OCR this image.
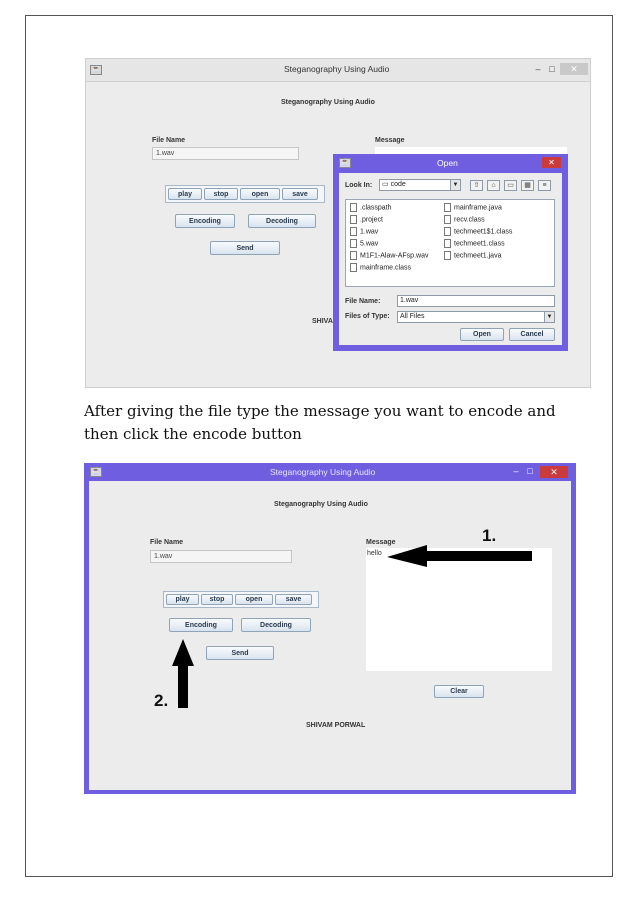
☕	Steganography Using Audio	– □	✕
Steganography Using Audio
File Name
1.wav
Message
play	stop	open	save
Encoding	Decoding
Send
SHIVA
☕	Open	✕
Look In:	▭ code	▼	⇧	⌂	▭	▦	≡
.classpath
.project
1.wav
5.wav
M1F1-Alaw-AFsp.wav
mainframe.class
mainframe.java
recv.class
techmeet1$1.class
techmeet1.class
techmeet1.java
File Name:	1.wav
Files of Type:	All Files	▼
Open	Cancel

After giving the file type the message you want to encode and then click the encode button

☕	Steganography Using Audio	– □	✕
Steganography Using Audio
File Name
1.wav
Message
hello
play	stop	open	save
Encoding	Decoding
Send
Clear
SHIVAM PORWAL
1.
2.
